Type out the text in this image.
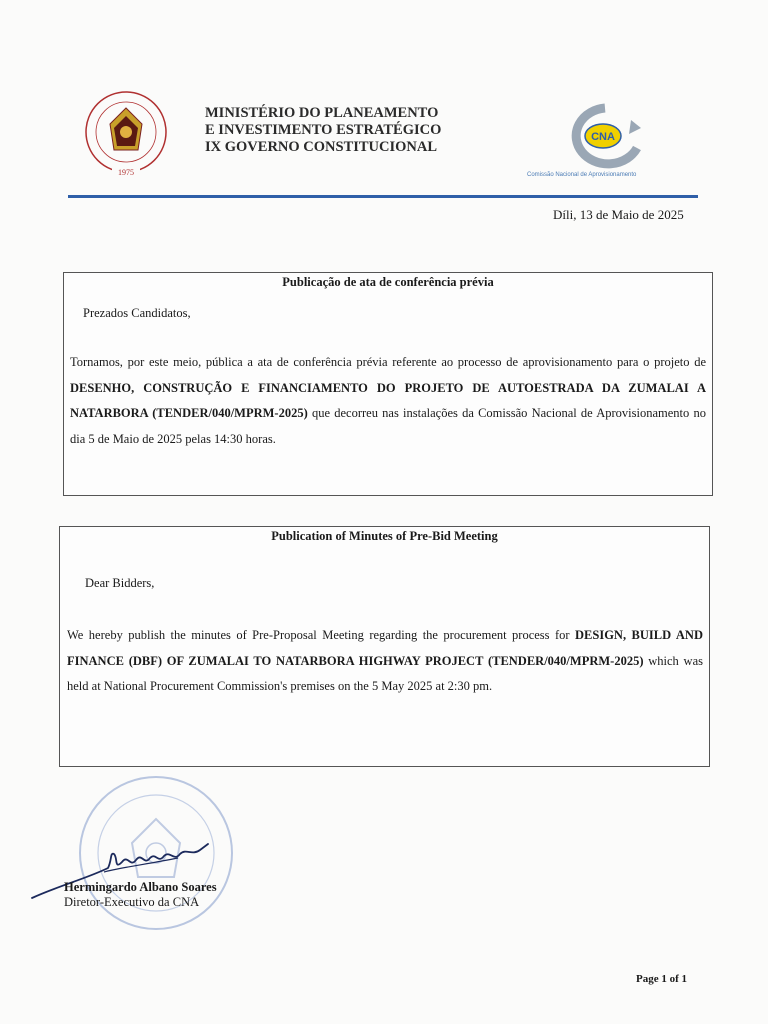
1975
MINISTÉRIO DO PLANEAMENTO
E INVESTIMENTO ESTRATÉGICO
IX GOVERNO CONSTITUCIONAL
CNA
Comissão Nacional de Aprovisionamento
Díli, 13 de Maio de 2025
Publicação de ata de conferência prévia
Prezados Candidatos,
Tornamos, por este meio, pública a ata de conferência prévia referente ao processo de aprovisionamento para o projeto de DESENHO, CONSTRUÇÃO E FINANCIAMENTO DO PROJETO DE AUTOESTRADA DA ZUMALAI A NATARBORA (TENDER/040/MPRM-2025) que decorreu nas instalações da Comissão Nacional de Aprovisionamento no dia 5 de Maio de 2025 pelas 14:30 horas.
Publication of Minutes of Pre-Bid Meeting
Dear Bidders,
We hereby publish the minutes of Pre-Proposal Meeting regarding the procurement process for DESIGN, BUILD AND FINANCE (DBF) OF ZUMALAI TO NATARBORA HIGHWAY PROJECT (TENDER/040/MPRM-2025) which was held at National Procurement Commission's premises on the 5 May 2025 at 2:30 pm.
Hermingardo Albano Soares
Diretor-Executivo da CNA
Page 1 of 1
